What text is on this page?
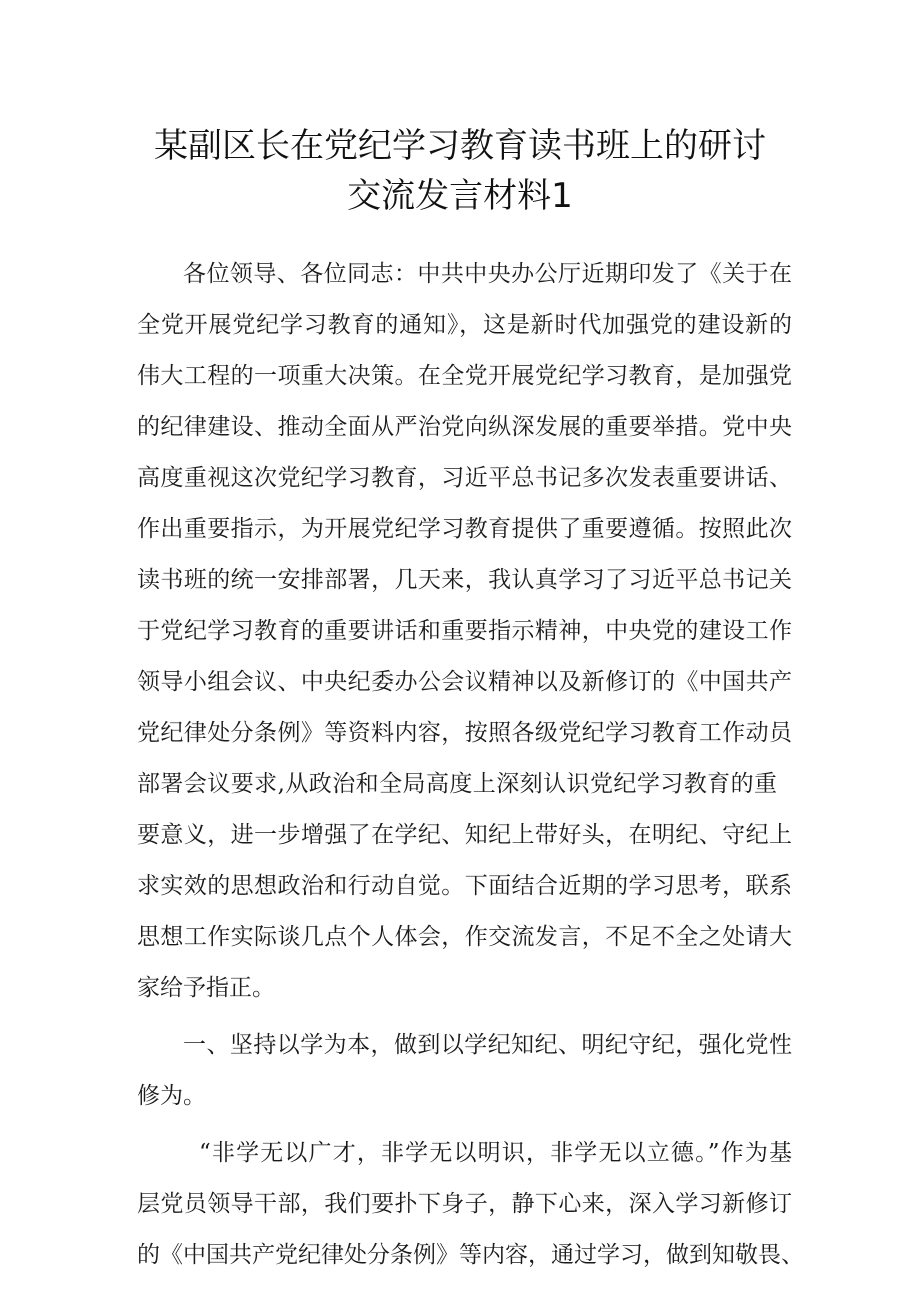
某副区长在党纪学习教育读书班上的研讨
交流发言材料1
各位领导、各位同志：中共中央办公厅近期印发了《关于在
全党开展党纪学习教育的通知》，这是新时代加强党的建设新的
伟大工程的一项重大决策。在全党开展党纪学习教育，是加强党
的纪律建设、推动全面从严治党向纵深发展的重要举措。党中央
高度重视这次党纪学习教育，习近平总书记多次发表重要讲话、
作出重要指示，为开展党纪学习教育提供了重要遵循。按照此次
读书班的统一安排部署，几天来，我认真学习了习近平总书记关
于党纪学习教育的重要讲话和重要指示精神，中央党的建设工作
领导小组会议、中央纪委办公会议精神以及新修订的《中国共产
党纪律处分条例》等资料内容，按照各级党纪学习教育工作动员
部署会议要求,从政治和全局高度上深刻认识党纪学习教育的重
要意义，进一步增强了在学纪、知纪上带好头，在明纪、守纪上
求实效的思想政治和行动自觉。下面结合近期的学习思考，联系
思想工作实际谈几点个人体会，作交流发言，不足不全之处请大
家给予指正。
一、坚持以学为本，做到以学纪知纪、明纪守纪，强化党性
修为。
“非学无以广才，非学无以明识，非学无以立德。”作为基
层党员领导干部，我们要扑下身子，静下心来，深入学习新修订
的《中国共产党纪律处分条例》等内容，通过学习，做到知敬畏、
